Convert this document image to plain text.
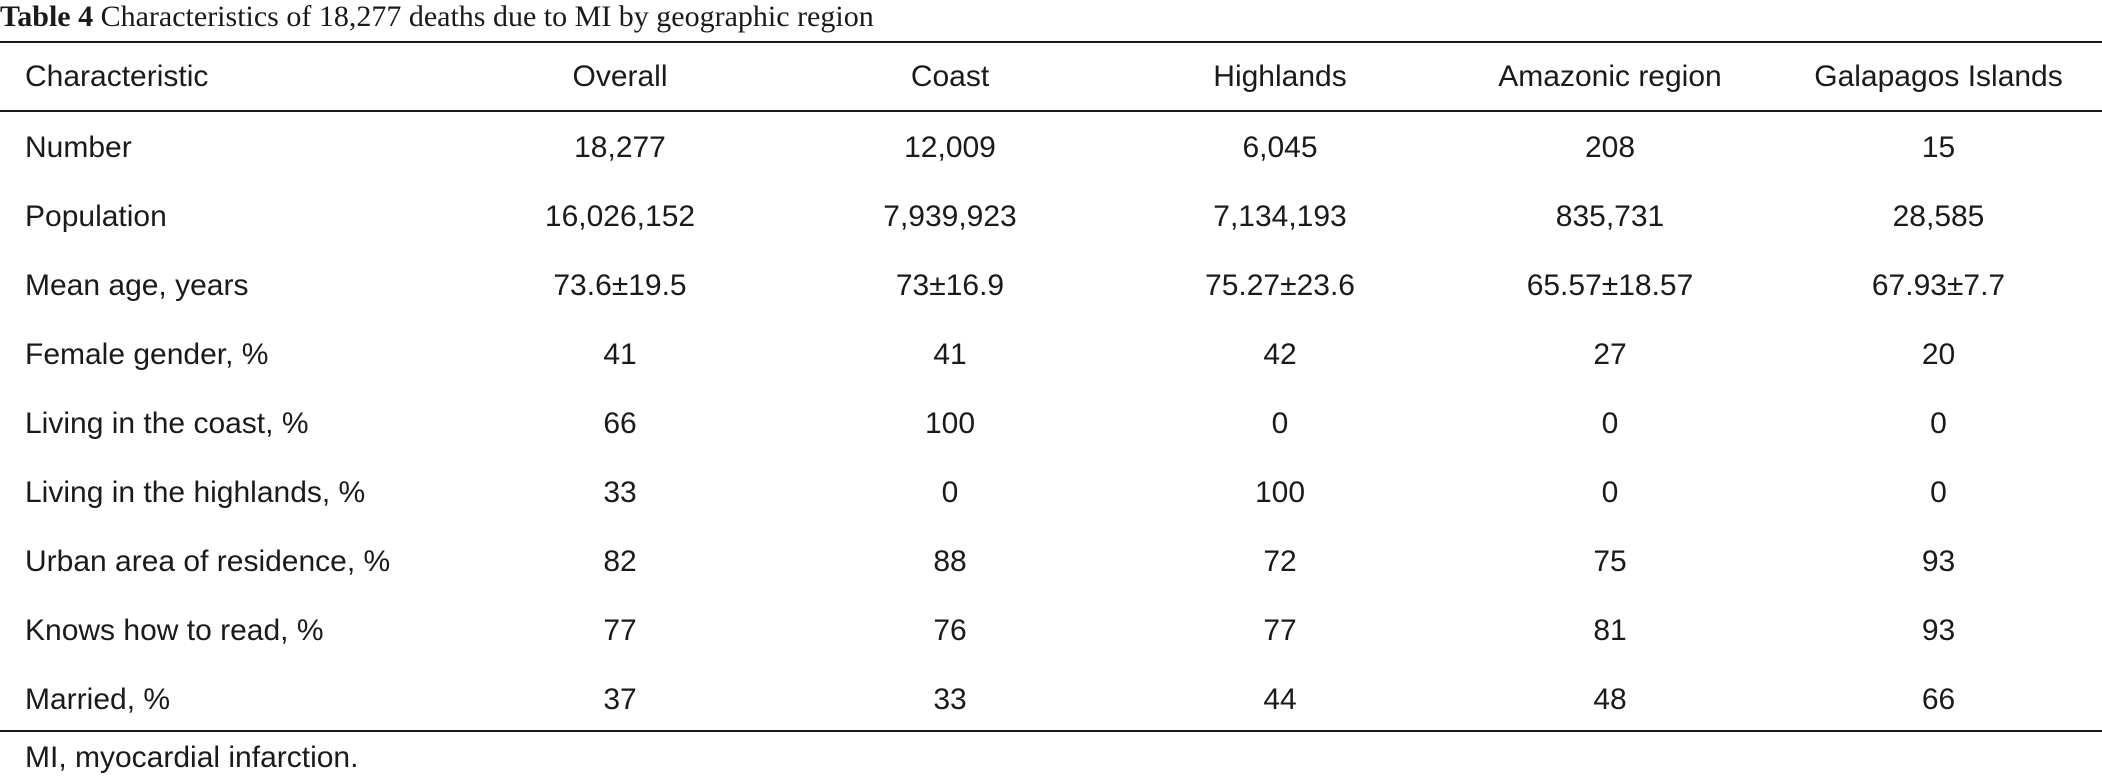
Table 4 Characteristics of 18,277 deaths due to MI by geographic region
Characteristic	Overall	Coast	Highlands	Amazonic region	Galapagos Islands
Number	18,277	12,009	6,045	208	15
Population	16,026,152	7,939,923	7,134,193	835,731	28,585
Mean age, years	73.6±19.5	73±16.9	75.27±23.6	65.57±18.57	67.93±7.7
Female gender, %	41	41	42	27	20
Living in the coast, %	66	100	0	0	0
Living in the highlands, %	33	0	100	0	0
Urban area of residence, %	82	88	72	75	93
Knows how to read, %	77	76	77	81	93
Married, %	37	33	44	48	66
MI, myocardial infarction.
